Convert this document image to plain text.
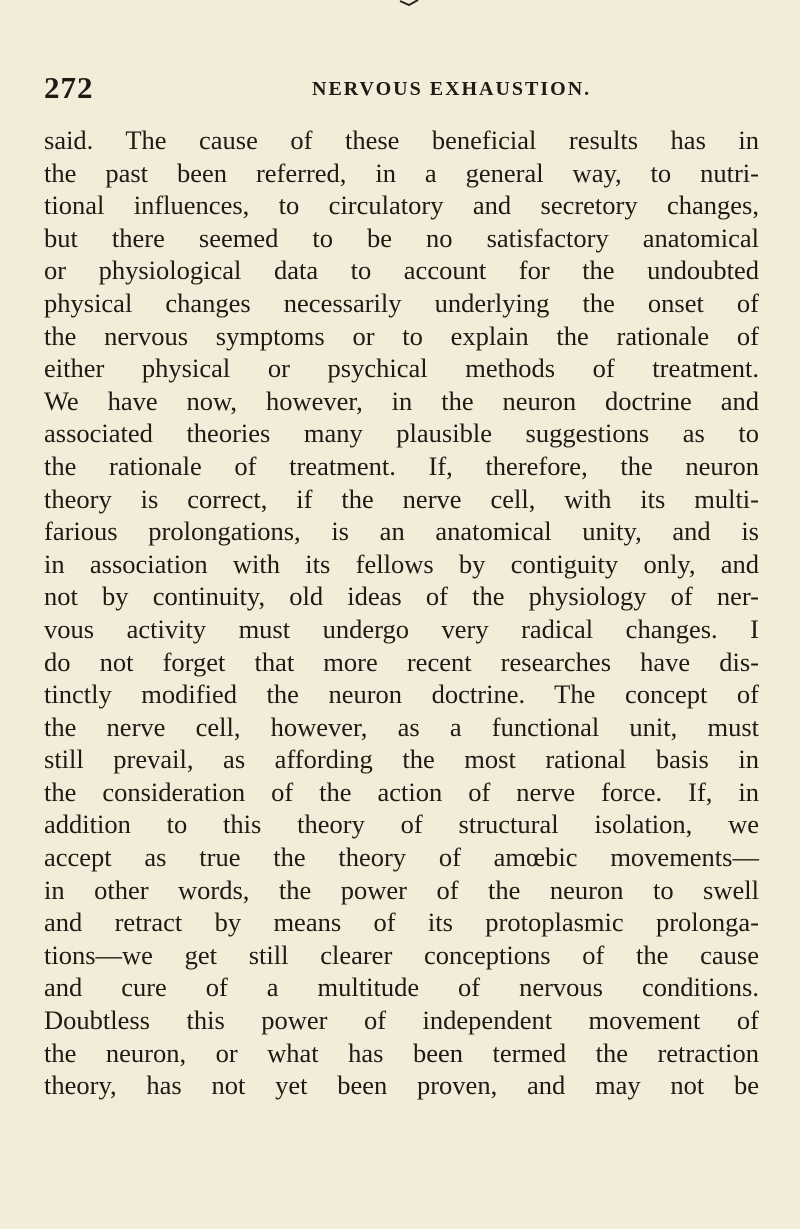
272	NERVOUS EXHAUSTION.
said. The cause of these beneficial results has in
the past been referred, in a general way, to nutri-
tional influences, to circulatory and secretory changes,
but there seemed to be no satisfactory anatomical
or physiological data to account for the undoubted
physical changes necessarily underlying the onset of
the nervous symptoms or to explain the rationale of
either physical or psychical methods of treatment.
We have now, however, in the neuron doctrine and
associated theories many plausible suggestions as to
the rationale of treatment. If, therefore, the neuron
theory is correct, if the nerve cell, with its multi-
farious prolongations, is an anatomical unity, and is
in association with its fellows by contiguity only, and
not by continuity, old ideas of the physiology of ner-
vous activity must undergo very radical changes. I
do not forget that more recent researches have dis-
tinctly modified the neuron doctrine. The concept of
the nerve cell, however, as a functional unit, must
still prevail, as affording the most rational basis in
the consideration of the action of nerve force. If, in
addition to this theory of structural isolation, we
accept as true the theory of amœbic movements—
in other words, the power of the neuron to swell
and retract by means of its protoplasmic prolonga-
tions—we get still clearer conceptions of the cause
and cure of a multitude of nervous conditions.
Doubtless this power of independent movement of
the neuron, or what has been termed the retraction
theory, has not yet been proven, and may not be
